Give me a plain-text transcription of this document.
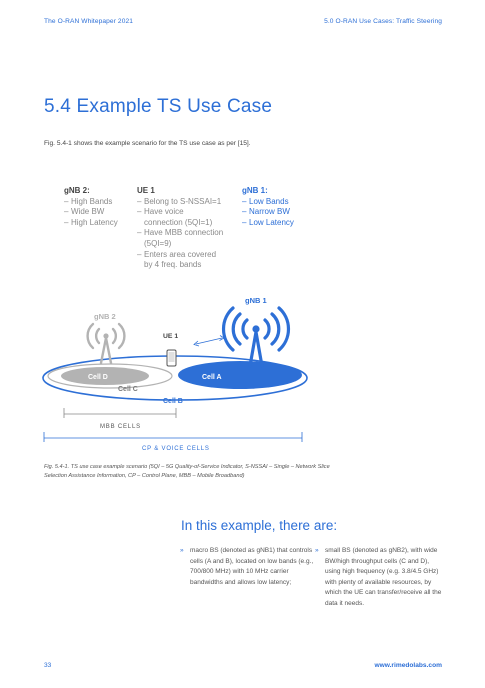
The O-RAN Whitepaper 2021	5.0 O-RAN Use Cases: Traffic Steering
5.4 Example TS Use Case
Fig. 5.4-1 shows the example scenario for the TS use case as per [15].
gNB 2:
– High Bands
– Wide BW
– High Latency
UE 1
– Belong to S-NSSAI=1
– Have voice
connection (5QI=1)
– Have MBB connection
(5QI=9)
– Enters area covered
by 4 freq. bands
gNB 1:
– Low Bands
– Narrow BW
– Low Latency
gNB 2
gNB 1
UE 1
Cell D
Cell C
Cell A
Cell B
MBB CELLS
CP & VOICE CELLS
Fig. 5.4-1. TS use case example scenario (5QI – 5G Quality-of-Service Indicator, S-NSSAI – Single – Network Slice Selection Assistance Information, CP – Control Plane, MBB – Mobile Broadband)
In this example, there are:
» macro BS (denoted as gNB1) that controls cells (A and B), located on low bands (e.g., 700/800 MHz) with 10 MHz carrier bandwidths and allows low latency;
» small BS (denoted as gNB2), with wide BW/high throughput cells (C and D), using high frequency (e.g. 3.8/4.5 GHz) with plenty of available resources, by which the UE can transfer/receive all the data it needs.
33	www.rimedolabs.com
